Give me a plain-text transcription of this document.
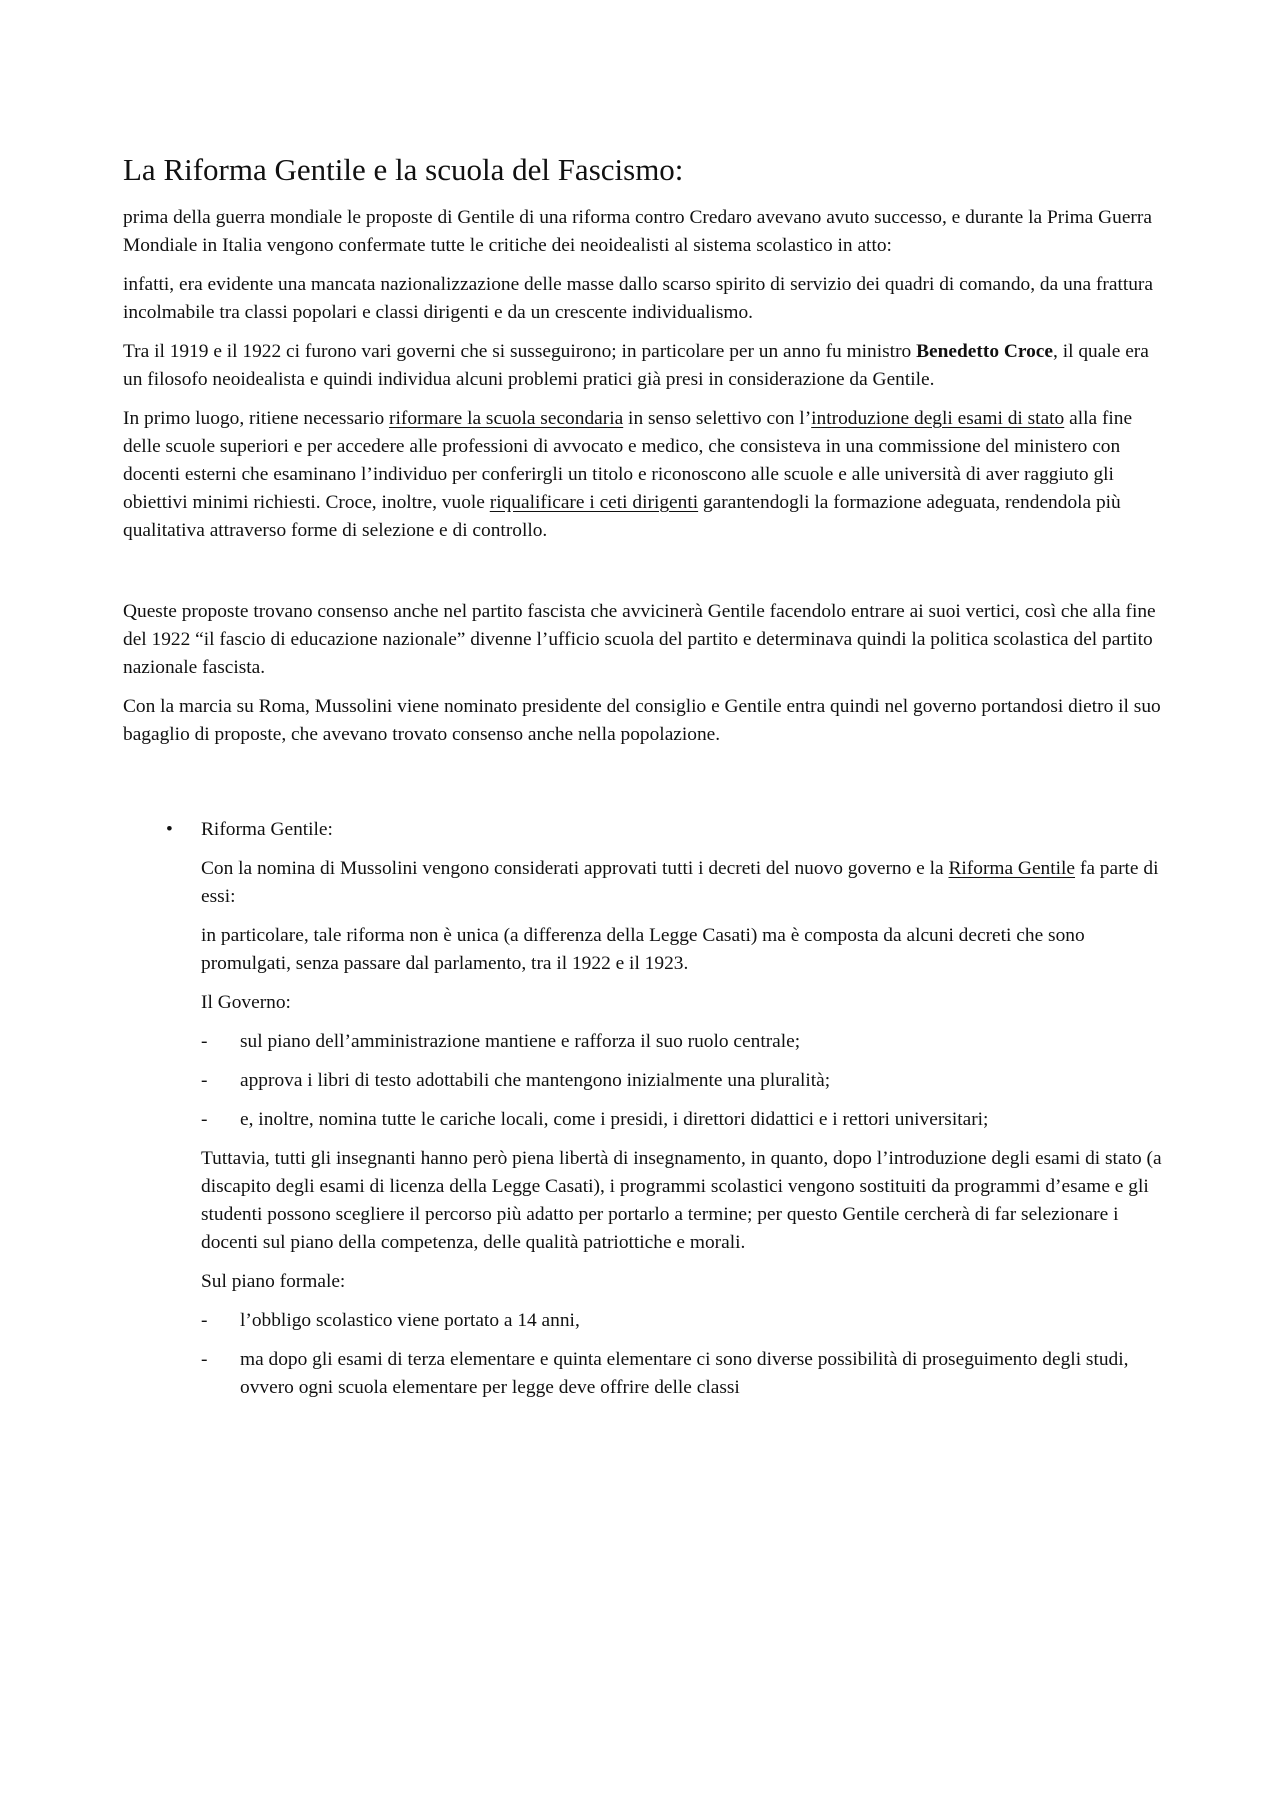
La Riforma Gentile e la scuola del Fascismo:

prima della guerra mondiale le proposte di Gentile di una riforma contro Credaro avevano avuto successo, e durante la Prima Guerra Mondiale in Italia vengono confermate tutte le critiche dei neoidealisti al sistema scolastico in atto:

infatti, era evidente una mancata nazionalizzazione delle masse dallo scarso spirito di servizio dei quadri di comando, da una frattura incolmabile tra classi popolari e classi dirigenti e da un crescente individualismo.

Tra il 1919 e il 1922 ci furono vari governi che si susseguirono; in particolare per un anno fu ministro Benedetto Croce, il quale era un filosofo neoidealista e quindi individua alcuni problemi pratici già presi in considerazione da Gentile.

In primo luogo, ritiene necessario riformare la scuola secondaria in senso selettivo con l’introduzione degli esami di stato alla fine delle scuole superiori e per accedere alle professioni di avvocato e medico, che consisteva in una commissione del ministero con docenti esterni che esaminano l’individuo per conferirgli un titolo e riconoscono alle scuole e alle università di aver raggiuto gli obiettivi minimi richiesti. Croce, inoltre, vuole riqualificare i ceti dirigenti garantendogli la formazione adeguata, rendendola più qualitativa attraverso forme di selezione e di controllo.

Queste proposte trovano consenso anche nel partito fascista che avvicinerà Gentile facendolo entrare ai suoi vertici, così che alla fine del 1922 “il fascio di educazione nazionale” divenne l’ufficio scuola del partito e determinava quindi la politica scolastica del partito nazionale fascista.

Con la marcia su Roma, Mussolini viene nominato presidente del consiglio e Gentile entra quindi nel governo portandosi dietro il suo bagaglio di proposte, che avevano trovato consenso anche nella popolazione.

• Riforma Gentile:

Con la nomina di Mussolini vengono considerati approvati tutti i decreti del nuovo governo e la Riforma Gentile fa parte di essi:

in particolare, tale riforma non è unica (a differenza della Legge Casati) ma è composta da alcuni decreti che sono promulgati, senza passare dal parlamento, tra il 1922 e il 1923.

Il Governo:

- sul piano dell’amministrazione mantiene e rafforza il suo ruolo centrale;
- approva i libri di testo adottabili che mantengono inizialmente una pluralità;
- e, inoltre, nomina tutte le cariche locali, come i presidi, i direttori didattici e i rettori universitari;

Tuttavia, tutti gli insegnanti hanno però piena libertà di insegnamento, in quanto, dopo l’introduzione degli esami di stato (a discapito degli esami di licenza della Legge Casati), i programmi scolastici vengono sostituiti da programmi d’esame e gli studenti possono scegliere il percorso più adatto per portarlo a termine; per questo Gentile cercherà di far selezionare i docenti sul piano della competenza, delle qualità patriottiche e morali.

Sul piano formale:

- l’obbligo scolastico viene portato a 14 anni,
- ma dopo gli esami di terza elementare e quinta elementare ci sono diverse possibilità di proseguimento degli studi, ovvero ogni scuola elementare per legge deve offrire delle classi
